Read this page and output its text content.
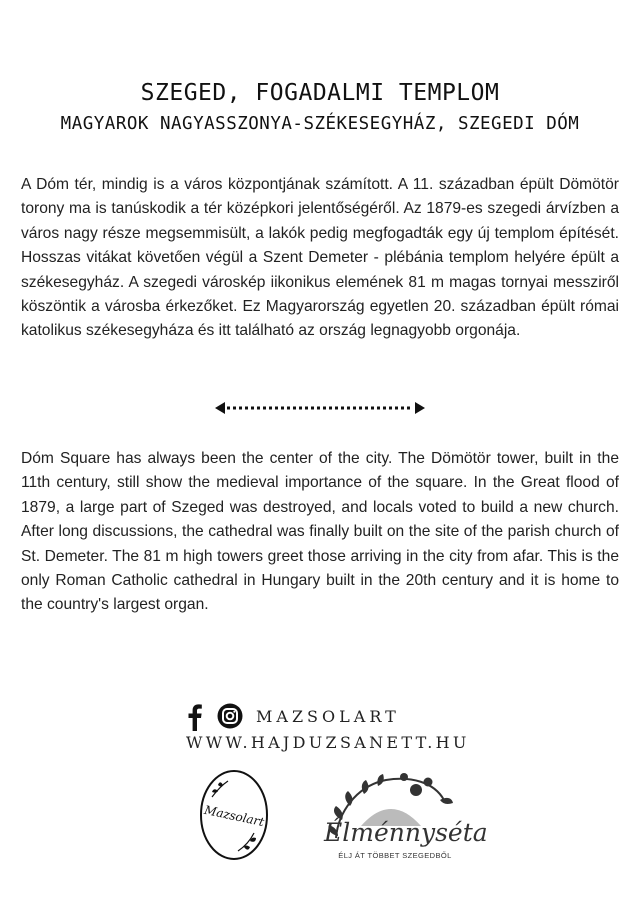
SZEGED, FOGADALMI TEMPLOM
MAGYAROK NAGYASSZONYA-SZÉKESEGYHÁZ, SZEGEDI DÓM

A Dóm tér, mindig is a város központjának számított. A 11. században épült Dömötör torony ma is tanúskodik a tér középkori jelentőségéről. Az 1879-es szegedi árvízben a város nagy része megsemmisült, a lakók pedig megfogadták egy új templom építését. Hosszas vitákat követően végül a Szent Demeter - plébánia templom helyére épült a székesegyház. A szegedi városkép iikonikus elemének 81 m magas tornyai messziről köszöntik a városba érkezőket. Ez Magyarország egyetlen 20. században épült római katolikus székesegyháza és itt található az ország legnagyobb orgonája.

Dóm Square has always been the center of the city. The Dömötör tower, built in the 11th century, still show the medieval importance of the square. In the Great flood of 1879, a large part of Szeged was destroyed, and locals voted to build a new church. After long discussions, the cathedral was finally built on the site of the parish church of St. Demeter. The 81 m high towers greet those arriving in the city from afar. This is the only Roman Catholic cathedral in Hungary built in the 20th century and it is home to the country's largest organ.

MAZSOLART
WWW.HAJDUZSANETT.HU
Mazsolart
Élménnyséta
ÉLJ ÁT TÖBBET SZEGEDBŐL
